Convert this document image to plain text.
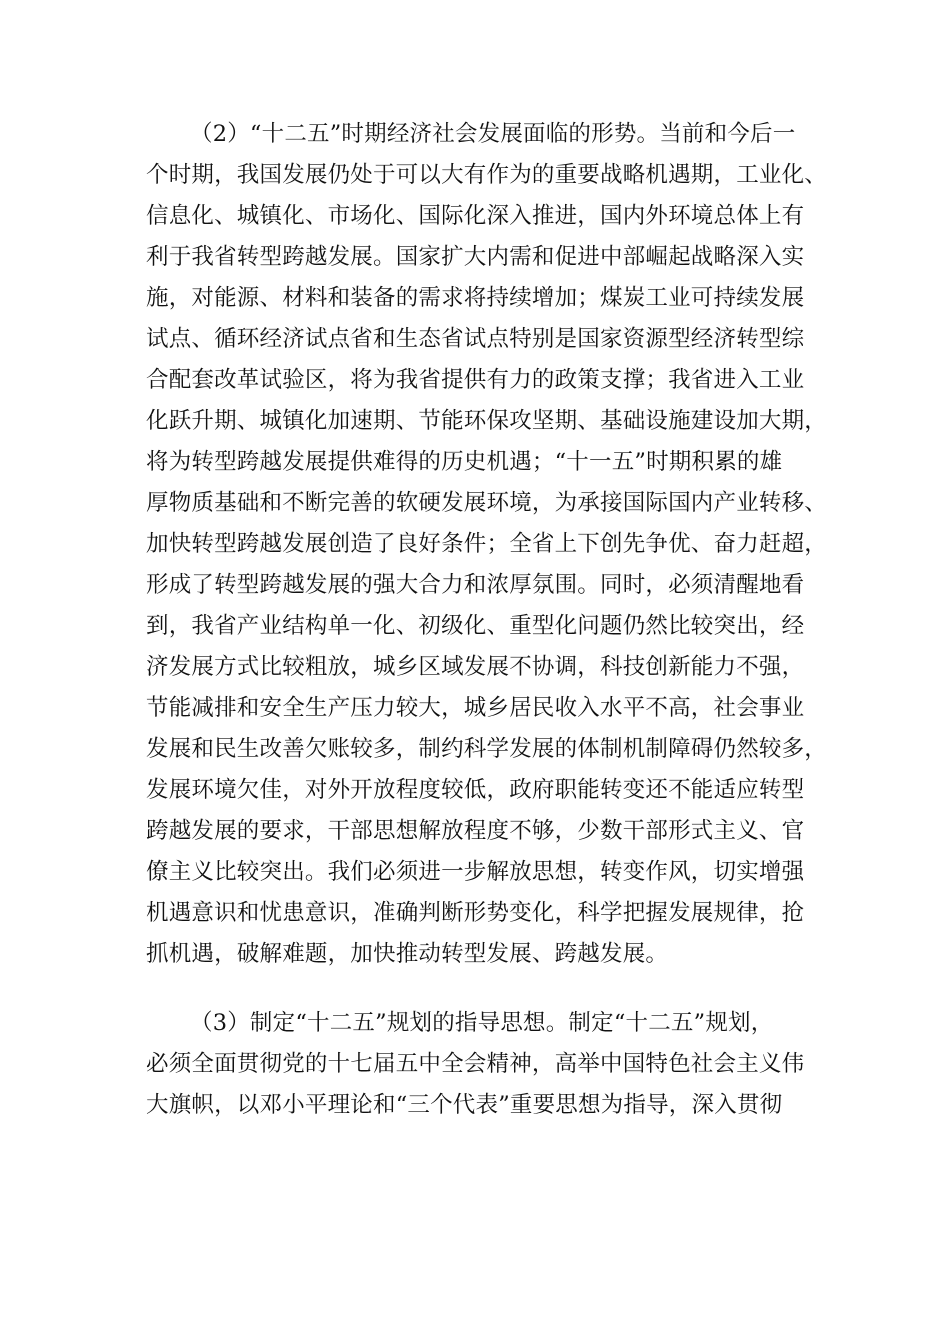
（2）“十二五”时期经济社会发展面临的形势。当前和今后一
个时期，我国发展仍处于可以大有作为的重要战略机遇期，工业化、
信息化、城镇化、市场化、国际化深入推进，国内外环境总体上有
利于我省转型跨越发展。国家扩大内需和促进中部崛起战略深入实
施，对能源、材料和装备的需求将持续增加；煤炭工业可持续发展
试点、循环经济试点省和生态省试点特别是国家资源型经济转型综
合配套改革试验区，将为我省提供有力的政策支撑；我省进入工业
化跃升期、城镇化加速期、节能环保攻坚期、基础设施建设加大期，
将为转型跨越发展提供难得的历史机遇；“十一五”时期积累的雄
厚物质基础和不断完善的软硬发展环境，为承接国际国内产业转移、
加快转型跨越发展创造了良好条件；全省上下创先争优、奋力赶超，
形成了转型跨越发展的强大合力和浓厚氛围。同时，必须清醒地看
到，我省产业结构单一化、初级化、重型化问题仍然比较突出，经
济发展方式比较粗放，城乡区域发展不协调，科技创新能力不强，
节能减排和安全生产压力较大，城乡居民收入水平不高，社会事业
发展和民生改善欠账较多，制约科学发展的体制机制障碍仍然较多，
发展环境欠佳，对外开放程度较低，政府职能转变还不能适应转型
跨越发展的要求，干部思想解放程度不够，少数干部形式主义、官
僚主义比较突出。我们必须进一步解放思想，转变作风，切实增强
机遇意识和忧患意识，准确判断形势变化，科学把握发展规律，抢
抓机遇，破解难题，加快推动转型发展、跨越发展。
（3）制定“十二五”规划的指导思想。制定“十二五”规划，
必须全面贯彻党的十七届五中全会精神，高举中国特色社会主义伟
大旗帜，以邓小平理论和“三个代表”重要思想为指导，深入贯彻
